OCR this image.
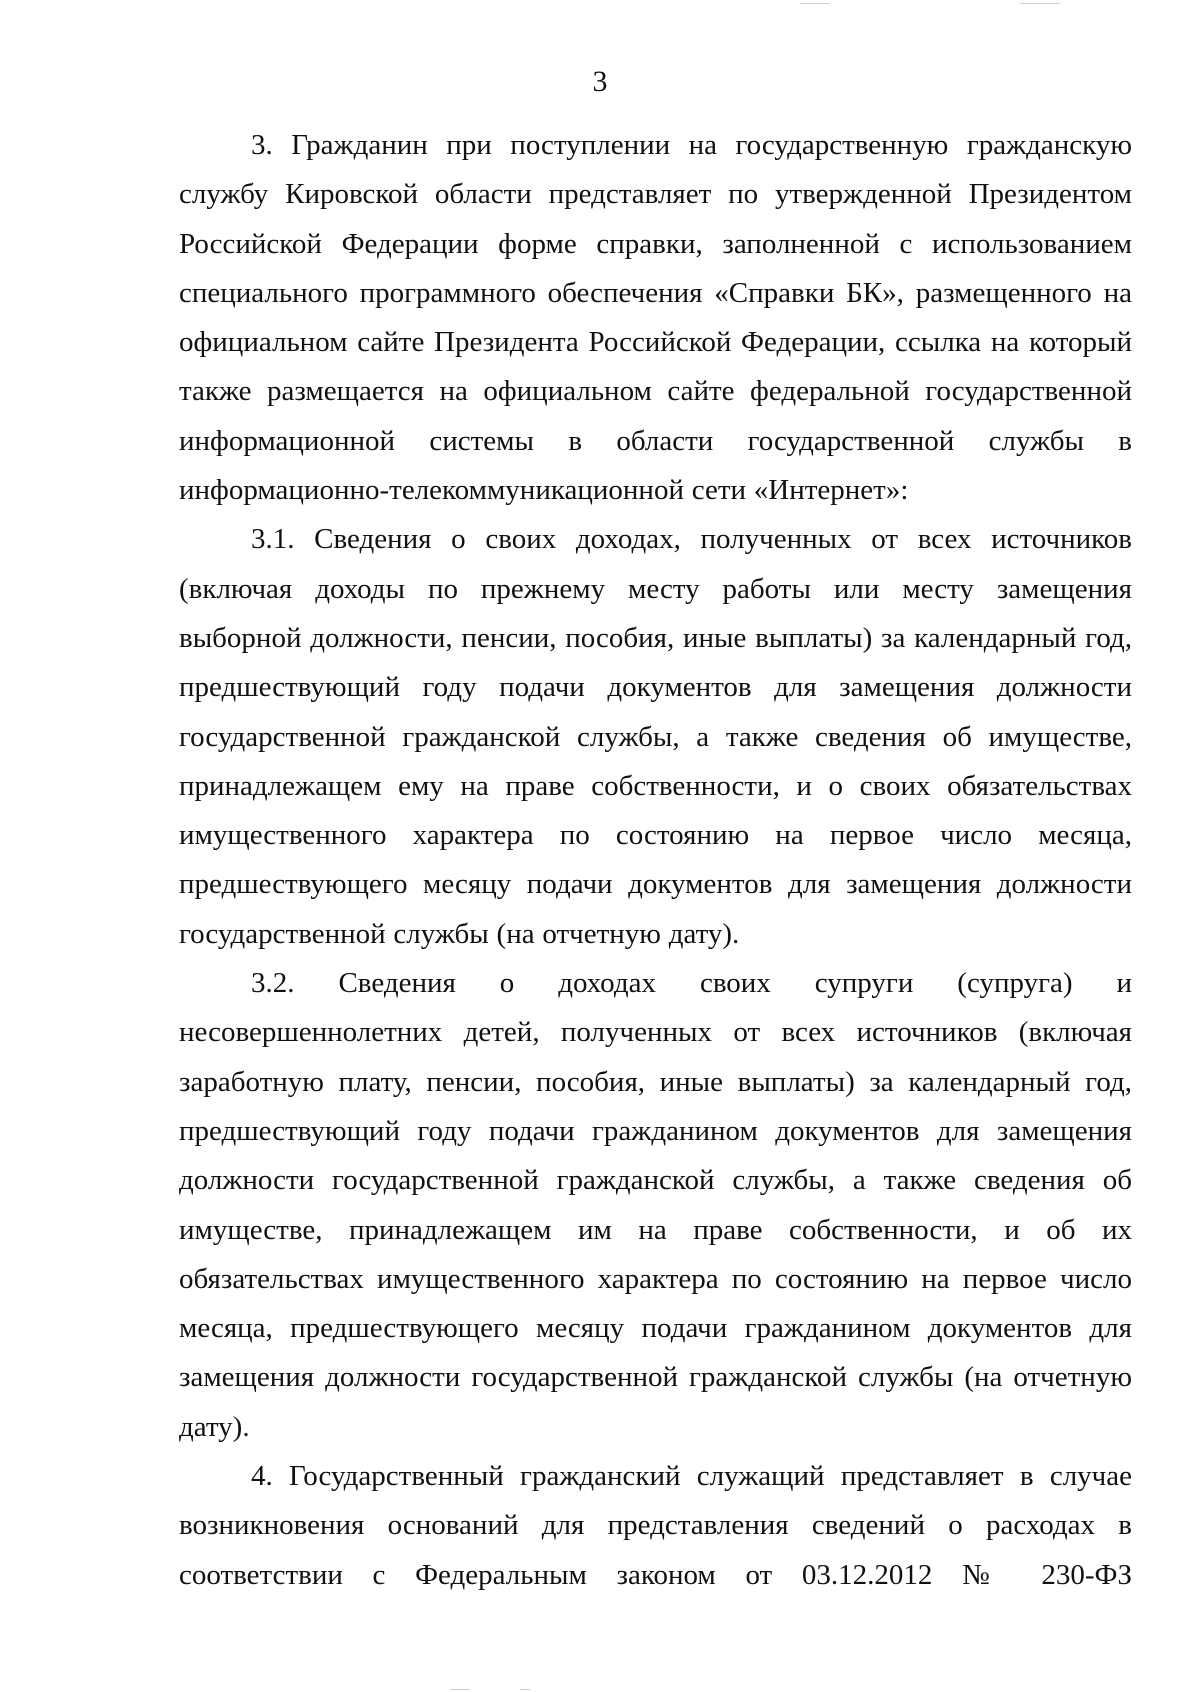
3

3. Гражданин при поступлении на государственную гражданскую службу Кировской области представляет по утвержденной Президентом Российской Федерации форме справки, заполненной с использованием специального программного обеспечения «Справки БК», размещенного на официальном сайте Президента Российской Федерации, ссылка на который также размещается на официальном сайте федеральной государственной информационной системы в области государственной службы в информационно-телекоммуникационной сети «Интернет»:

3.1. Сведения о своих доходах, полученных от всех источников (включая доходы по прежнему месту работы или месту замещения выборной должности, пенсии, пособия, иные выплаты) за календарный год, предшествующий году подачи документов для замещения должности государственной гражданской службы, а также сведения об имуществе, принадлежащем ему на праве собственности, и о своих обязательствах имущественного характера по состоянию на первое число месяца, предшествующего месяцу подачи документов для замещения должности государственной службы (на отчетную дату).

3.2. Сведения о доходах своих супруги (супруга) и несовершеннолетних детей, полученных от всех источников (включая заработную плату, пенсии, пособия, иные выплаты) за календарный год, предшествующий году подачи гражданином документов для замещения должности государственной гражданской службы, а также сведения об имуществе, принадлежащем им на праве собственности, и об их обязательствах имущественного характера по состоянию на первое число месяца, предшествующего месяцу подачи гражданином документов для замещения должности государственной гражданской службы (на отчетную дату).

4. Государственный гражданский служащий представляет в случае возникновения оснований для представления сведений о расходах в соответствии с Федеральным законом от 03.12.2012 № 230-ФЗ
